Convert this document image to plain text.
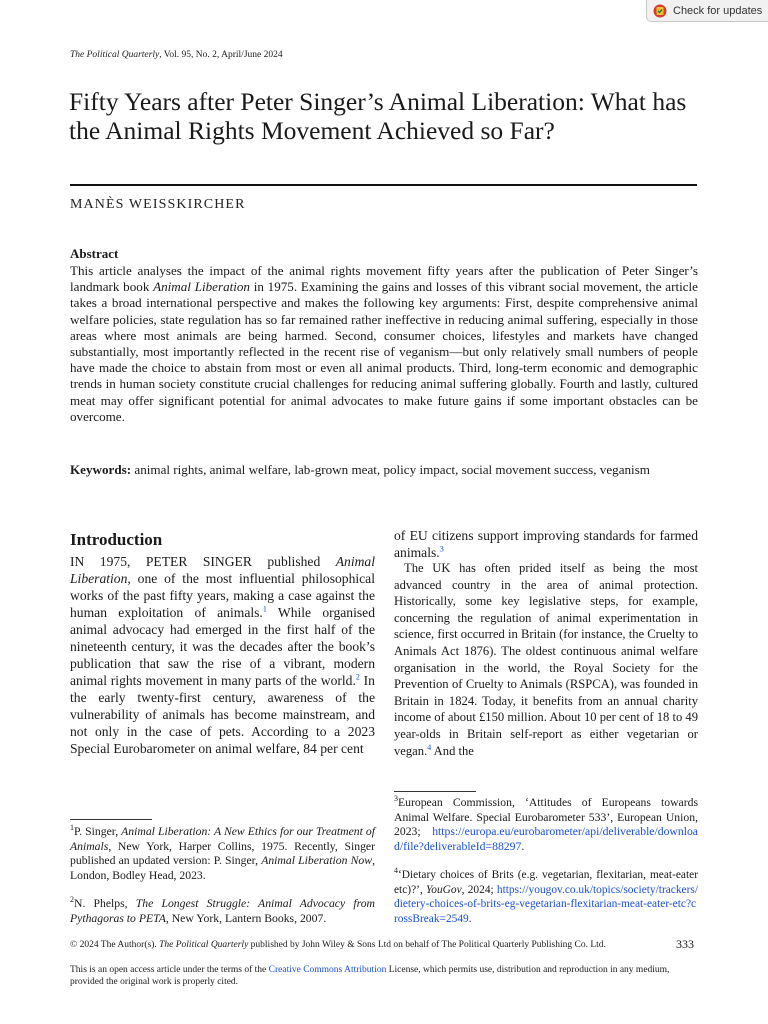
Check for updates
The Political Quarterly, Vol. 95, No. 2, April/June 2024
Fifty Years after Peter Singer’s Animal Liberation: What has the Animal Rights Movement Achieved so Far?
MANÈS WEISSKIRCHER
Abstract

This article analyses the impact of the animal rights movement fifty years after the publication of Peter Singer’s landmark book Animal Liberation in 1975. Examining the gains and losses of this vibrant social movement, the article takes a broad international perspective and makes the following key arguments: First, despite comprehensive animal welfare policies, state regulation has so far remained rather ineffective in reducing animal suffering, especially in those areas where most animals are being harmed. Second, consumer choices, lifestyles and markets have changed substantially, most importantly reflected in the recent rise of veganism—but only relatively small numbers of people have made the choice to abstain from most or even all animal products. Third, long-term economic and demographic trends in human society constitute crucial challenges for reducing animal suffering globally. Fourth and lastly, cultured meat may offer significant potential for animal advocates to make future gains if some important obstacles can be overcome.

Keywords: animal rights, animal welfare, lab-grown meat, policy impact, social movement success, veganism

Introduction

IN 1975, PETER SINGER published Animal Liberation, one of the most influential philosophical works of the past fifty years, making a case against the human exploitation of animals.$^1$ While organised animal advocacy had emerged in the first half of the nineteenth century, it was the decades after the book’s publication that saw the rise of a vibrant, modern animal rights movement in many parts of the world.$^2$ In the early twenty-first century, awareness of the vulnerability of animals has become mainstream, and not only in the case of pets. According to a 2023 Special Eurobarometer on animal welfare, 84 per cent

$^1$P. Singer, Animal Liberation: A New Ethics for our Treatment of Animals, New York, Harper Collins, 1975. Recently, Singer published an updated version: P. Singer, Animal Liberation Now, London, Bodley Head, 2023.

$^2$N. Phelps, The Longest Struggle: Animal Advocacy from Pythagoras to PETA, New York, Lantern Books, 2007.

of EU citizens support improving standards for farmed animals.$^3$

The UK has often prided itself as being the most advanced country in the area of animal protection. Historically, some key legislative steps, for example, concerning the regulation of animal experimentation in science, first occurred in Britain (for instance, the Cruelty to Animals Act 1876). The oldest continuous animal welfare organisation in the world, the Royal Society for the Prevention of Cruelty to Animals (RSPCA), was founded in Britain in 1824. Today, it benefits from an annual charity income of about £150 million. About 10 per cent of 18 to 49 year-olds in Britain self-report as either vegetarian or vegan.$^4$ And the

$^3$European Commission, ‘Attitudes of Europeans towards Animal Welfare. Special Eurobarometer 533’, European Union, 2023; https://europa.eu/eurobarometer/api/deliverable/download/file?deliverableId=88297.

$^4$‘Dietary choices of Brits (e.g. vegetarian, flexitarian, meat-eater etc)?’, YouGov, 2024; https://yougov.co.uk/topics/society/trackers/dietery-choices-of-brits-eg-vegetarian-flexitarian-meat-eater-etc?crossBreak=2549.

© 2024 The Author(s). The Political Quarterly published by John Wiley & Sons Ltd on behalf of The Political Quarterly Publishing Co. Ltd.	333

This is an open access article under the terms of the Creative Commons Attribution License, which permits use, distribution and reproduction in any medium, provided the original work is properly cited.
